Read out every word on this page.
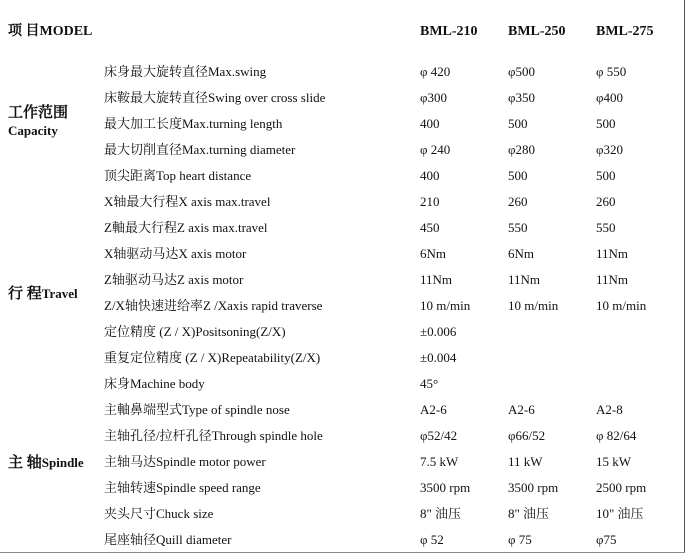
项 目MODEL	BML-210 BML-250 BML-275
工作范围
Capacity
行 程Travel
主 轴Spindle
床身最大旋转直径Max.swing	φ 420	φ500	φ 550
床鞍最大旋转直径Swing over cross slide	φ300	φ350	φ400
最大加工长度Max.turning length	400	500	500
最大切削直径Max.turning diameter	φ 240	φ280	φ320
顶尖距离Top heart distance	400	500	500
X轴最大行程X axis max.travel	210	260	260
Z軸最大行程Z axis max.travel	450	550	550
X轴驱动马达X axis motor	6Nm	6Nm	11Nm
Z轴驱动马达Z axis motor	11Nm	11Nm	11Nm
Z/X轴快速进给率Z /Xaxis rapid traverse	10 m/min	10 m/min	10 m/min
定位精度 (Z / X)Positsoning(Z/X)	±0.006
重复定位精度 (Z / X)Repeatability(Z/X)	±0.004
床身Machine body	45°
主軸鼻端型式Type of spindle nose	A2-6	A2-6	A2-8
主轴孔径/拉杆孔径Through spindle hole	φ52/42	φ66/52	φ 82/64
主轴马达Spindle motor power	7.5 kW	11 kW	15 kW
主轴转速Spindle speed range	3500 rpm	3500 rpm	2500 rpm
夹头尺寸Chuck size	8" 油压	8" 油压	10" 油压
尾座轴径Quill diameter	φ 52	φ 75	φ75
